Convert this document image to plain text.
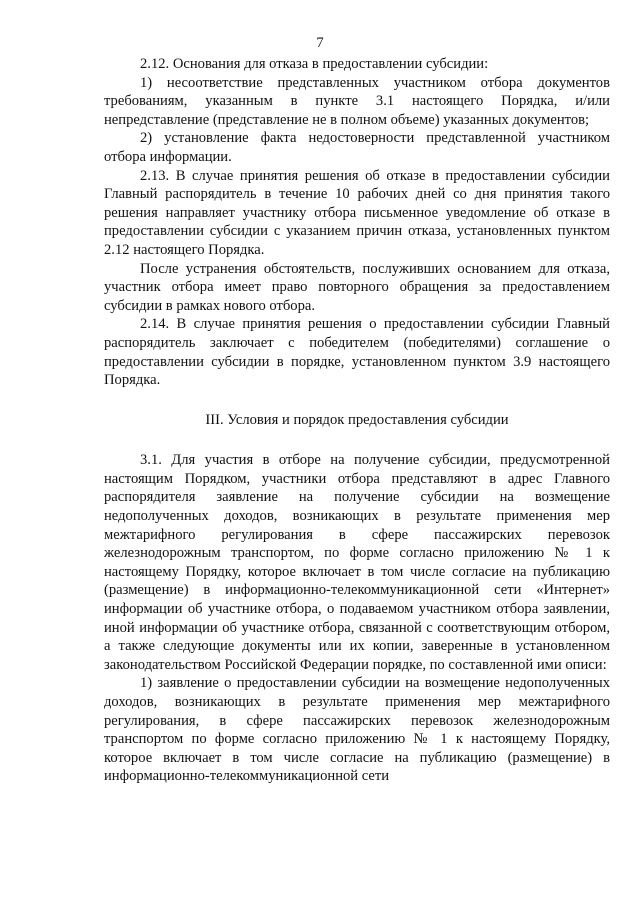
7

2.12. Основания для отказа в предоставлении субсидии:

1) несоответствие представленных участником отбора документов требованиям, указанным в пункте 3.1 настоящего Порядка, и/или непредставление (представление не в полном объеме) указанных документов;

2) установление факта недостоверности представленной участником отбора информации.

2.13. В случае принятия решения об отказе в предоставлении субсидии Главный распорядитель в течение 10 рабочих дней со дня принятия такого решения направляет участнику отбора письменное уведомление об отказе в предоставлении субсидии с указанием причин отказа, установленных пунктом 2.12 настоящего Порядка.

После устранения обстоятельств, послуживших основанием для отказа, участник отбора имеет право повторного обращения за предоставлением субсидии в рамках нового отбора.

2.14. В случае принятия решения о предоставлении субсидии Главный распорядитель заключает с победителем (победителями) соглашение о предоставлении субсидии в порядке, установленном пунктом 3.9 настоящего Порядка.

III. Условия и порядок предоставления субсидии

3.1. Для участия в отборе на получение субсидии, предусмотренной настоящим Порядком, участники отбора представляют в адрес Главного распорядителя заявление на получение субсидии на возмещение недополученных доходов, возникающих в результате применения мер межтарифного регулирования в сфере пассажирских перевозок железнодорожным транспортом, по форме согласно приложению № 1 к настоящему Порядку, которое включает в том числе согласие на публикацию (размещение) в информационно-телекоммуникационной сети «Интернет» информации об участнике отбора, о подаваемом участником отбора заявлении, иной информации об участнике отбора, связанной с соответствующим отбором, а также следующие документы или их копии, заверенные в установленном законодательством Российской Федерации порядке, по составленной ими описи:

1) заявление о предоставлении субсидии на возмещение недополученных доходов, возникающих в результате применения мер межтарифного регулирования, в сфере пассажирских перевозок железнодорожным транспортом по форме согласно приложению № 1 к настоящему Порядку, которое включает в том числе согласие на публикацию (размещение) в информационно-телекоммуникационной сети
